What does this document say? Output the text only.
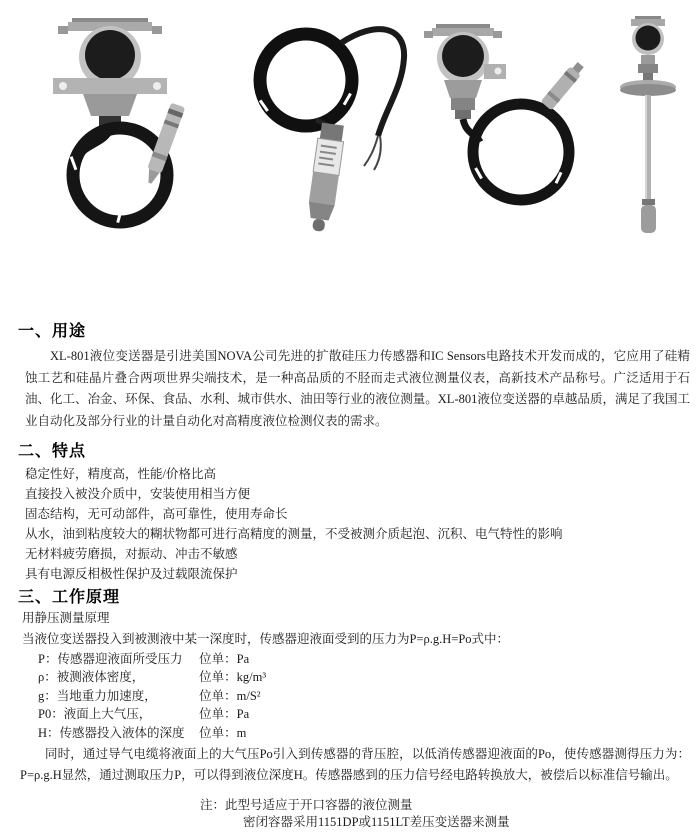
一、用途

XL-801液位变送器是引进美国NOVA公司先进的扩散硅压力传感器和IC Sensors电路技术开发而成的，它应用了硅精蚀工艺和硅晶片叠合两项世界尖端技术，是一种高品质的不胫而走式液位测量仪表，高新技术产品称号。广泛适用于石油、化工、冶金、环保、食品、水利、城市供水、油田等行业的液位测量。XL-801液位变送器的卓越品质，满足了我国工业自动化及部分行业的计量自动化对高精度液位检测仪表的需求。

二、特点

稳定性好，精度高，性能/价格比高

直接投入被没介质中，安装使用相当方便

固态结构，无可动部件，高可靠性，使用寿命长

从水，油到粘度较大的糊状物都可进行高精度的测量，不受被测介质起泡、沉积、电气特性的影响

无材料疲劳磨损，对振动、冲击不敏感

具有电源反相极性保护及过载限流保护

三、工作原理

用静压测量原理

当液位变送器投入到被测液中某一深度时，传感器迎液面受到的压力为P=ρ.g.H=Po式中：

P：传感器迎液面所受压力 位单：Pa
ρ：被测液体密度，	位单：kg/m³
g：当地重力加速度，	位单：m/S²
P0：液面上大气压，	位单：Pa
H：传感器投入液体的深度 位单：m

同时，通过导气电缆将液面上的大气压Po引入到传感器的背压腔，以低消传感器迎液面的Po，使传感器测得压力为：P=ρ.g.H显然，通过测取压力P，可以得到液位深度H。传感器感到的压力信号经电路转换放大，被偿后以标准信号输出。

注：此型号适应于开口容器的液位测量

密闭容器采用1151DP或1151LT差压变送器来测量
